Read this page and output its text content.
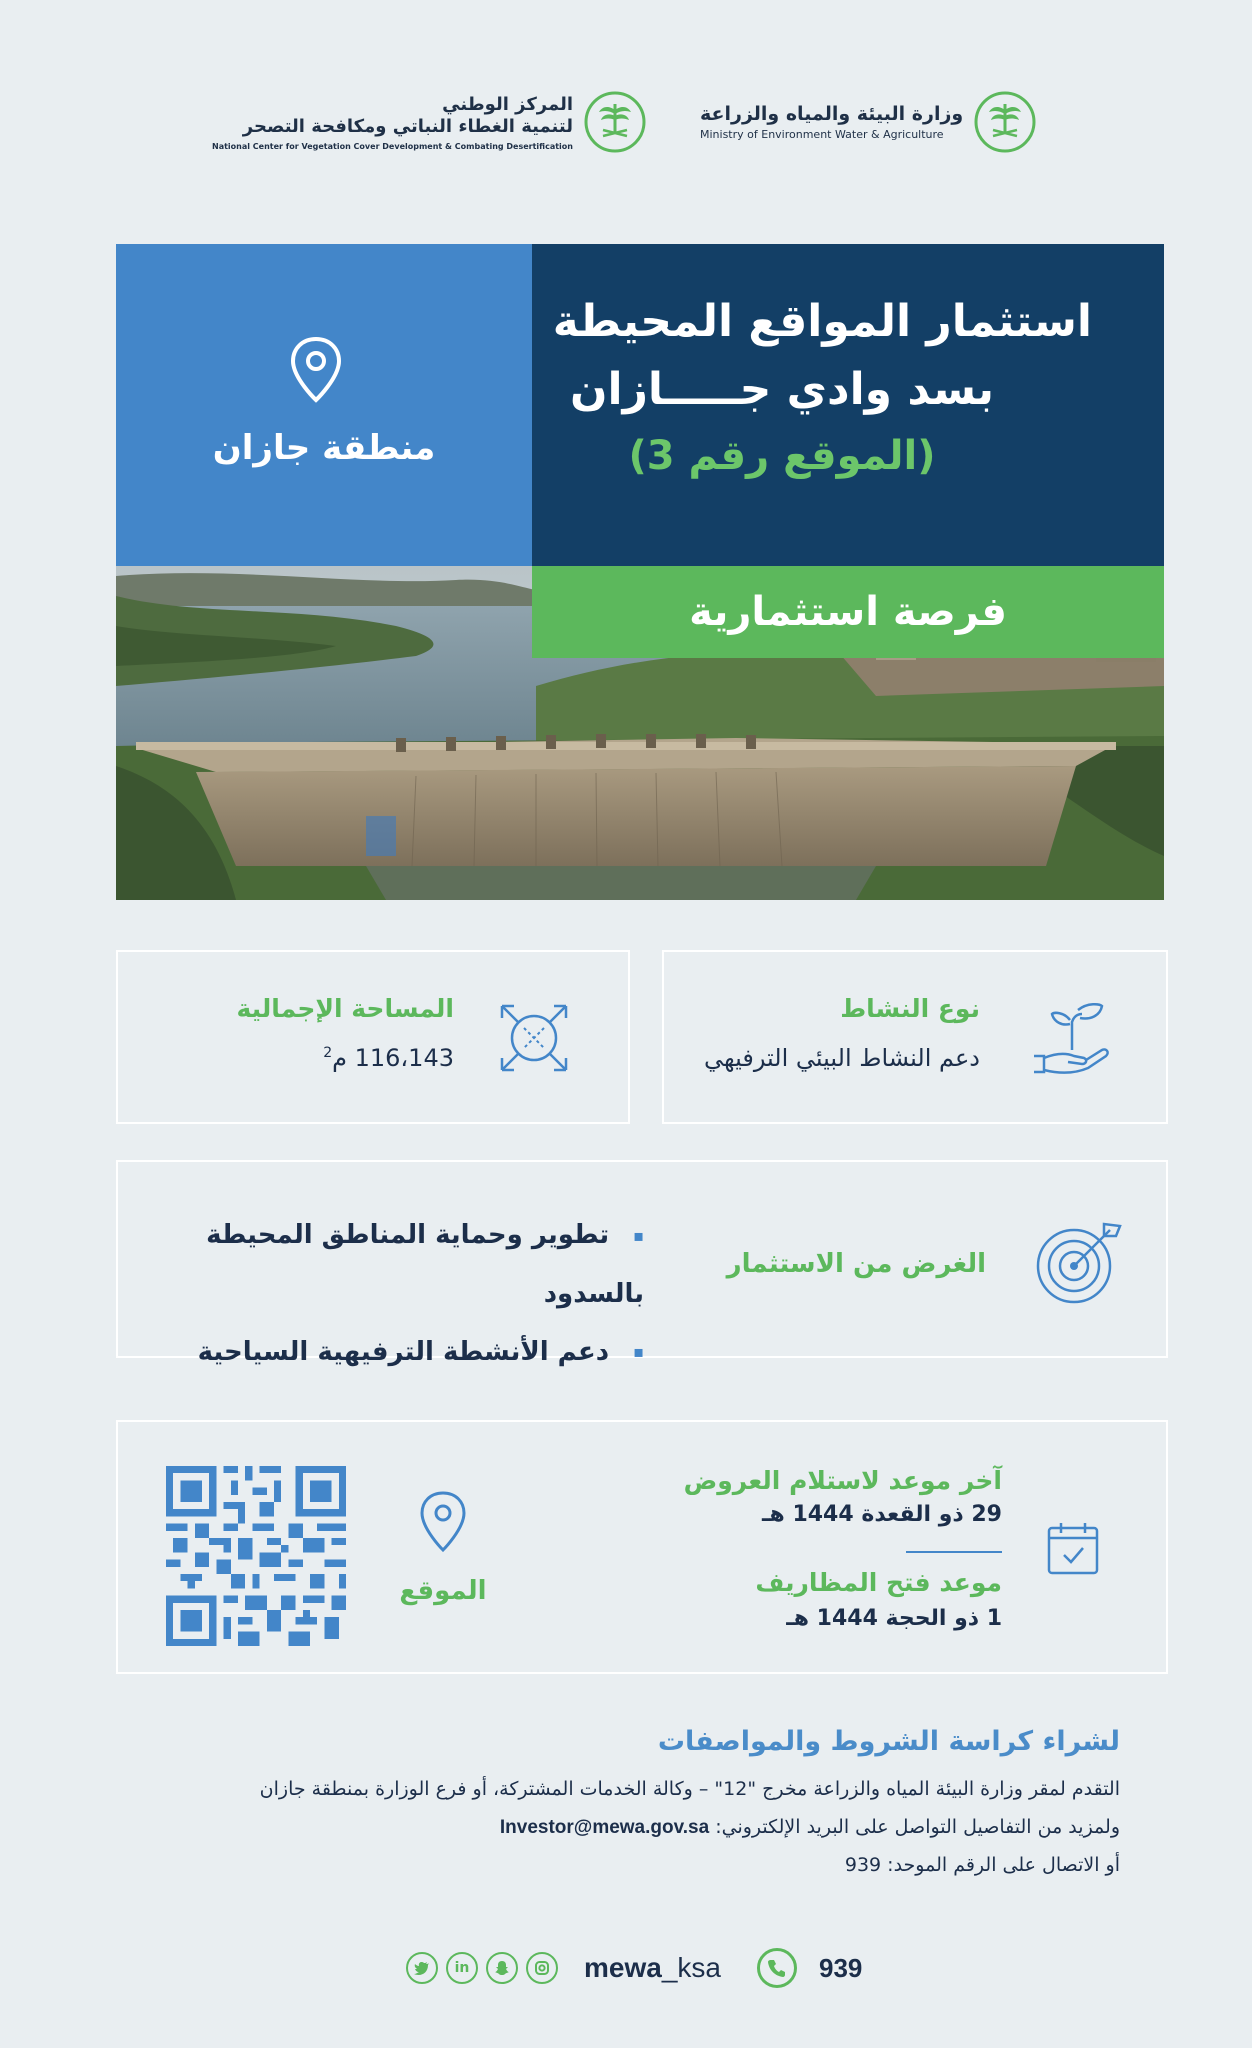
وزارة البيئة والمياه والزراعة
Ministry of Environment Water & Agriculture
المركز الوطني
لتنمية الغطاء النباتي ومكافحة التصحر
National Center for Vegetation Cover Development & Combating Desertification
منطقة جازان
استثمار المواقع المحيطة
بسد وادي جـــــازان
(الموقع رقم 3)
فرصة استثمارية
نوع النشاط
دعم النشاط البيئي الترفيهي
المساحة الإجمالية
116،143 م$^2$
الغرض من الاستثمار
▪ تطوير وحماية المناطق المحيطة بالسدود
▪ دعم الأنشطة الترفيهية السياحية
آخر موعد لاستلام العروض
29 ذو القعدة 1444 هـ
موعد فتح المظاريف
1 ذو الحجة 1444 هـ
الموقع
لشراء كراسة الشروط والمواصفات
التقدم لمقر وزارة البيئة المياه والزراعة مخرج "12" – وكالة الخدمات المشتركة، أو فرع الوزارة بمنطقة جازان
ولمزيد من التفاصيل التواصل على البريد الإلكتروني: Investor@mewa.gov.sa
أو الاتصال على الرقم الموحد: 939
in	mewa_ksa	939
